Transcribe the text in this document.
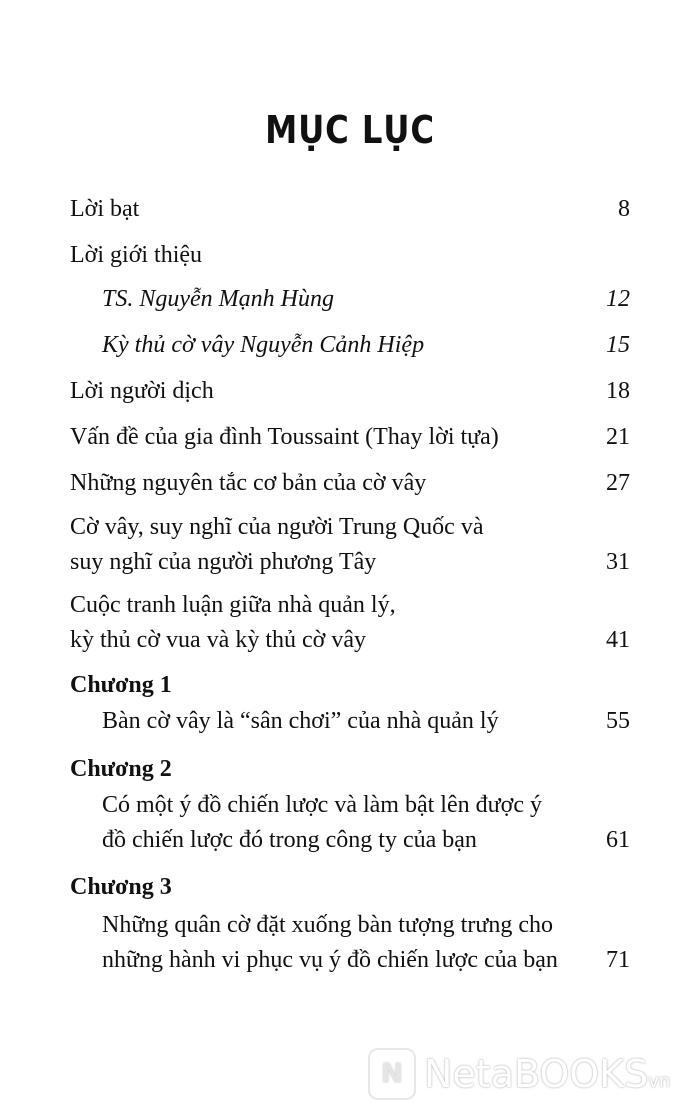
MỤC LỤC
Lời bạt	8
Lời giới thiệu
TS. Nguyễn Mạnh Hùng	12
Kỳ thủ cờ vây Nguyễn Cảnh Hiệp	15
Lời người dịch	18
Vấn đề của gia đình Toussaint (Thay lời tựa)	21
Những nguyên tắc cơ bản của cờ vây	27
Cờ vây, suy nghĩ của người Trung Quốc và suy nghĩ của người phương Tây	31
Cuộc tranh luận giữa nhà quản lý, kỳ thủ cờ vua và kỳ thủ cờ vây	41
Chương 1
Bàn cờ vây là “sân chơi” của nhà quản lý	55
Chương 2
Có một ý đồ chiến lược và làm bật lên được ý đồ chiến lược đó trong công ty của bạn	61
Chương 3
Những quân cờ đặt xuống bàn tượng trưng cho những hành vi phục vụ ý đồ chiến lược của bạn	71
N NetaBOOKSvn
